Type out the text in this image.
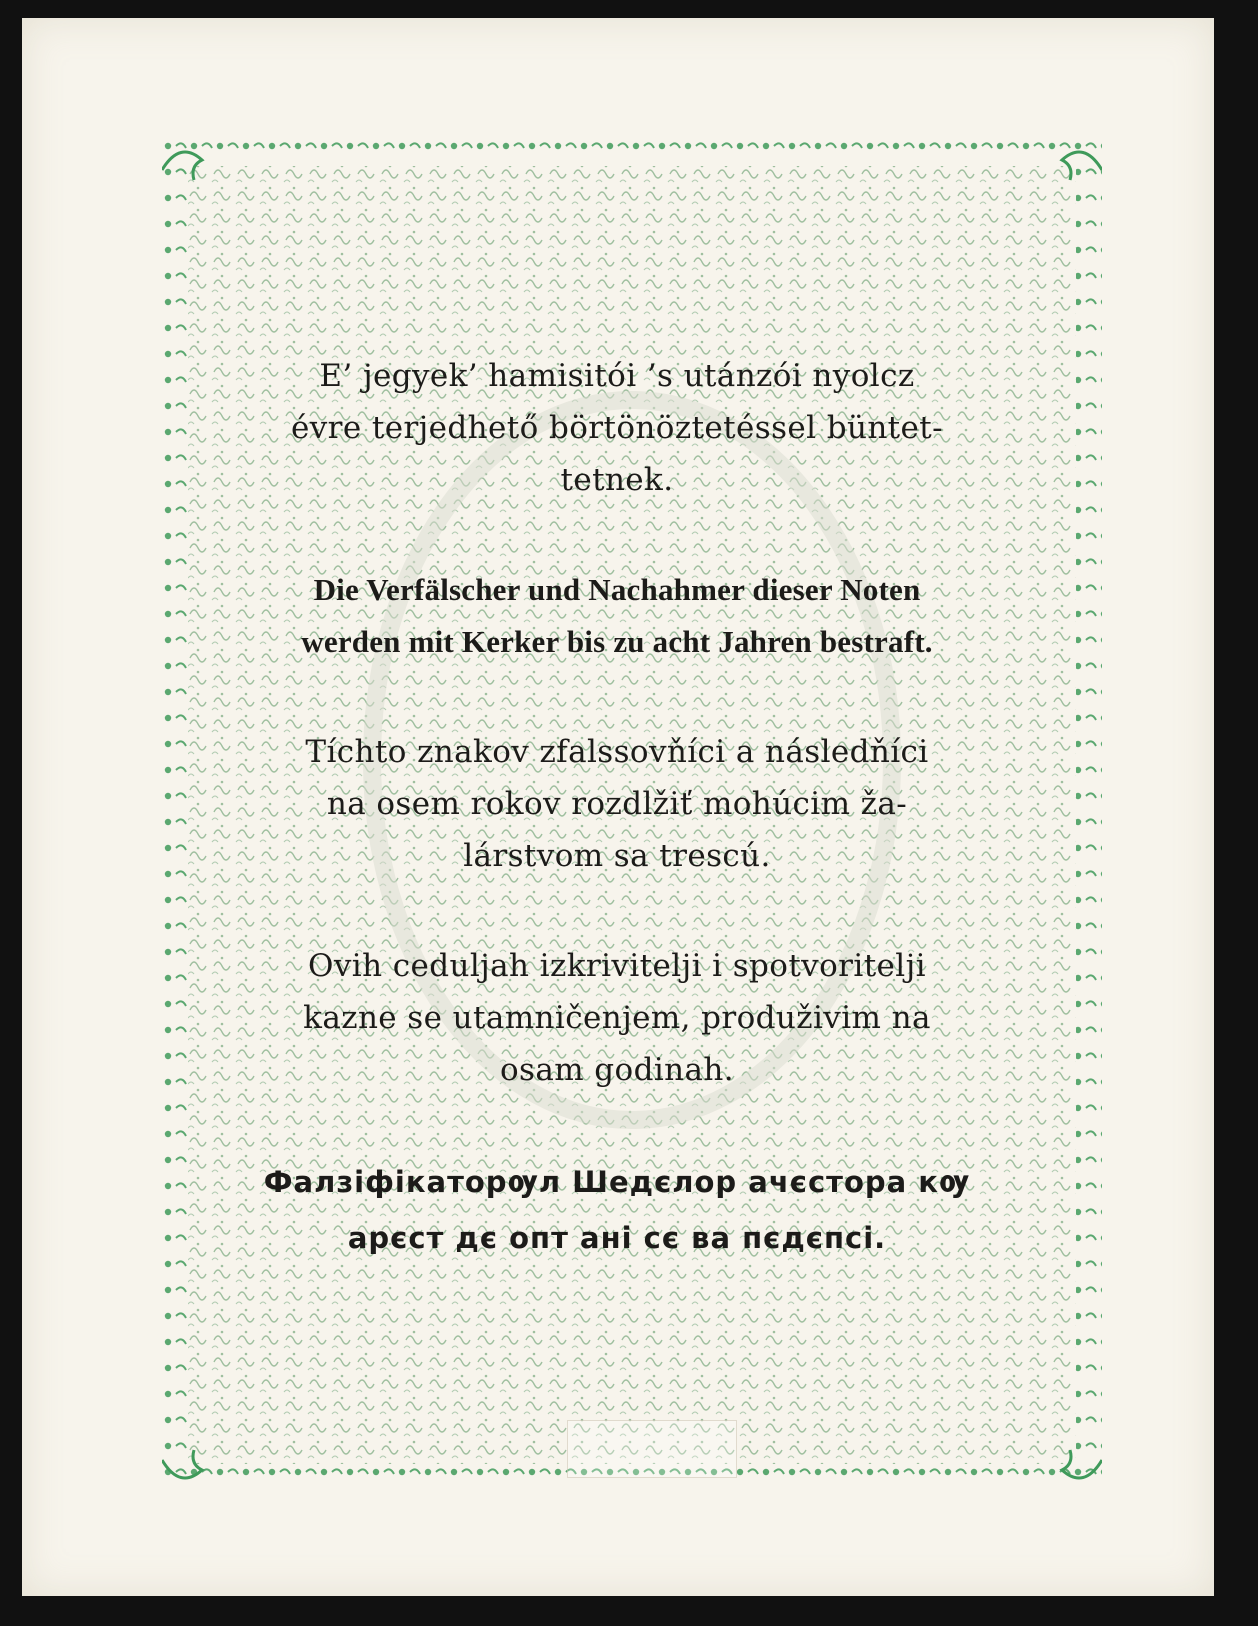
E’ jegyek’ hamisitói ’s utánzói nyolcz
évre terjedhető börtönöztetéssel büntet-
tetnek.

Die Verfälscher und Nachahmer dieser Noten
werden mit Kerker bis zu acht Jahren bestraft.

Tíchto znakov zfalssovňíci a následňíci
na osem rokov rozdlžiť mohúcim ža-
lárstvom sa trescú.

Ovih ceduljah izkrivitelji i spotvoritelji
kazne se utamničenjem, produživim na
osam godinah.

Фалзіфікаторѹл Шедєлор ачєстора кѹ
арєст дє опт ані сє ва пєдєпсі.
